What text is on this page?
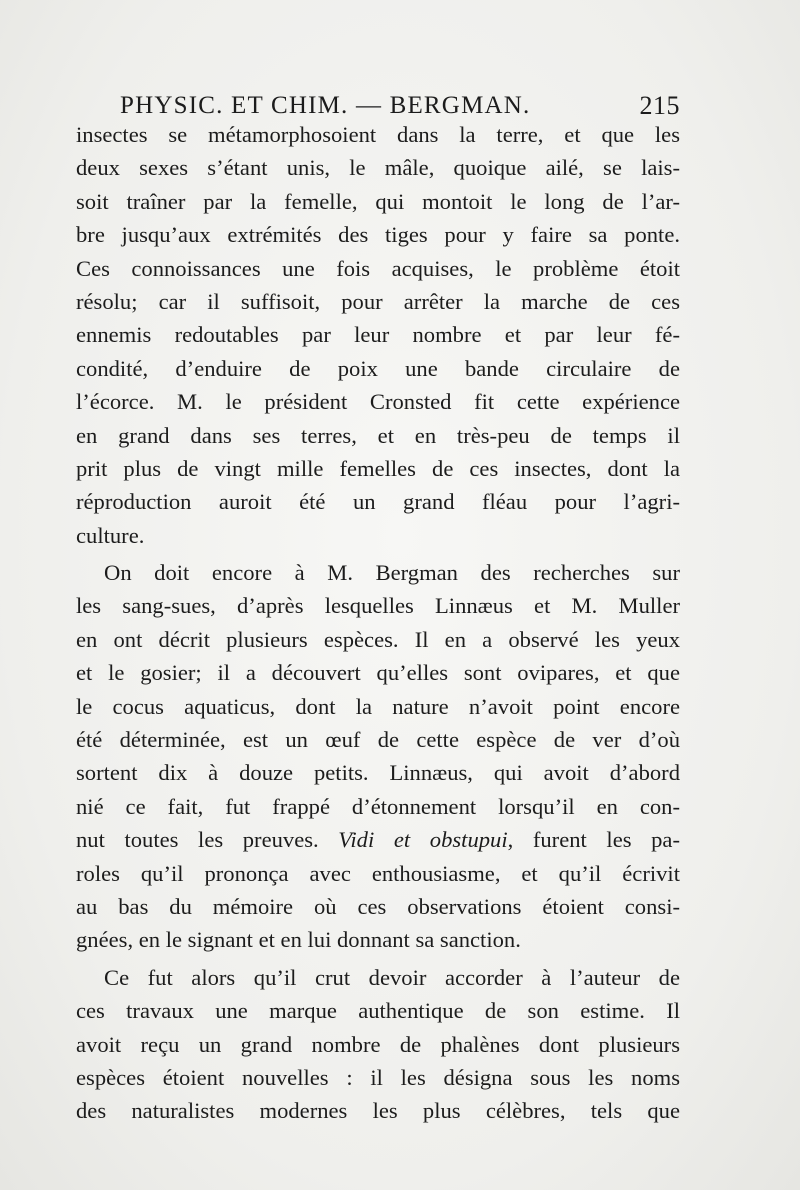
PHYSIC. ET CHIM. — BERGMAN.	215
insectes se métamorphosoient dans la terre, et que les
deux sexes s’étant unis, le mâle, quoique ailé, se lais-
soit traîner par la femelle, qui montoit le long de l’ar-
bre jusqu’aux extrémités des tiges pour y faire sa ponte.
Ces connoissances une fois acquises, le problème étoit
résolu; car il suffisoit, pour arrêter la marche de ces
ennemis redoutables par leur nombre et par leur fé-
condité, d’enduire de poix une bande circulaire de
l’écorce. M. le président Cronsted fit cette expérience
en grand dans ses terres, et en très-peu de temps il
prit plus de vingt mille femelles de ces insectes, dont la
réproduction auroit été un grand fléau pour l’agri-
culture.
On doit encore à M. Bergman des recherches sur
les sang-sues, d’après lesquelles Linnæus et M. Muller
en ont décrit plusieurs espèces. Il en a observé les yeux
et le gosier; il a découvert qu’elles sont ovipares, et que
le cocus aquaticus, dont la nature n’avoit point encore
été déterminée, est un œuf de cette espèce de ver d’où
sortent dix à douze petits. Linnæus, qui avoit d’abord
nié ce fait, fut frappé d’étonnement lorsqu’il en con-
nut toutes les preuves. Vidi et obstupui, furent les pa-
roles qu’il prononça avec enthousiasme, et qu’il écrivit
au bas du mémoire où ces observations étoient consi-
gnées, en le signant et en lui donnant sa sanction.
Ce fut alors qu’il crut devoir accorder à l’auteur de
ces travaux une marque authentique de son estime. Il
avoit reçu un grand nombre de phalènes dont plusieurs
espèces étoient nouvelles : il les désigna sous les noms
des naturalistes modernes les plus célèbres, tels que
